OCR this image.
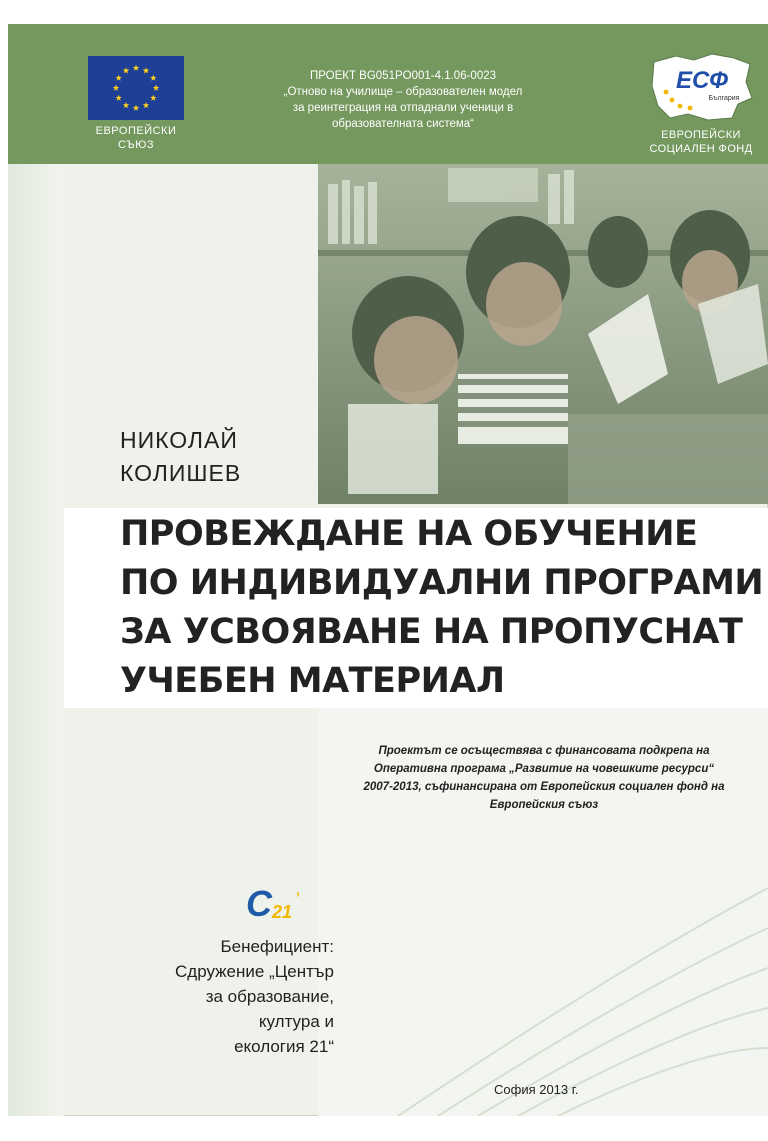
ЕВРОПЕЙСКИ
СЪЮЗ
ПРОЕКТ BG051PO001-4.1.06-0023
„Отново на училище – образователен модел
за реинтеграция на отпаднали ученици в
образователната система“
ЕСФ
България
ЕВРОПЕЙСКИ
СОЦИАЛЕН ФОНД
НИКОЛАЙ
КОЛИШЕВ
ПРОВЕЖДАНЕ НА ОБУЧЕНИЕ
ПО ИНДИВИДУАЛНИ ПРОГРАМИ
ЗА УСВОЯВАНЕ НА ПРОПУСНАТ
УЧЕБЕН МАТЕРИАЛ
Проектът се осъществява с финансовата подкрепа на
Оперативна програма „Развитие на човешките ресурси“
2007-2013, съфинансирана от Европейския социален фонд на
Европейския съюз
C 21
’
Бенефициент:
Сдружение „Център
за образование,
култура и
екология 21“
София 2013 г.
